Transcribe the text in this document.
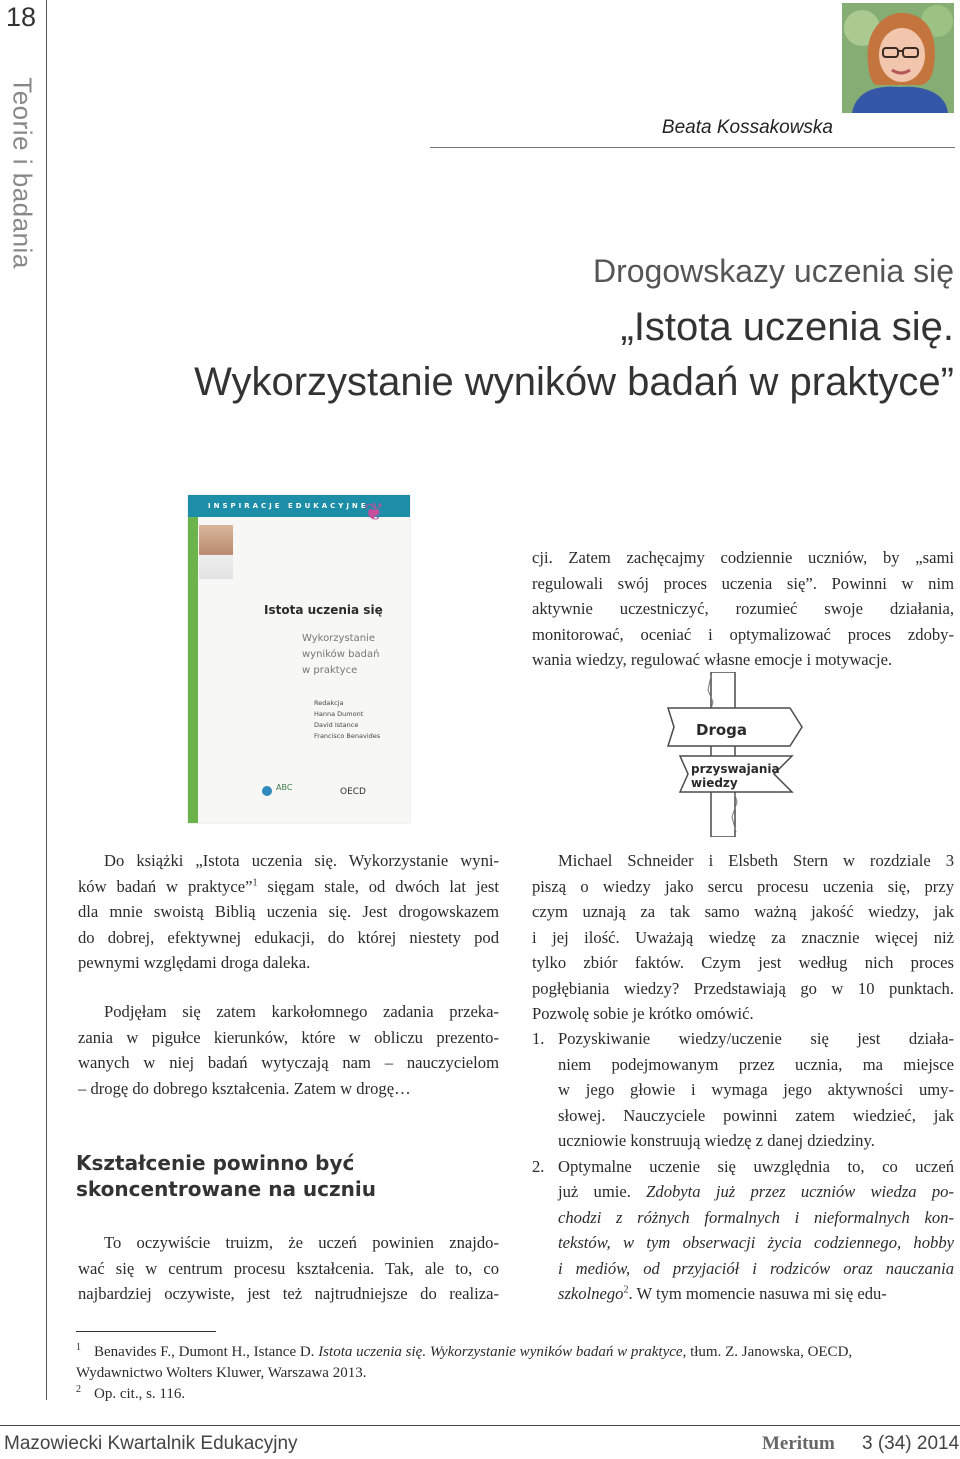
18
Teorie i badania	Beata Kossakowska
Drogowskazy uczenia się
„Istota uczenia się.
Wykorzystanie wyników badań w praktyce”
INSPIRACJE EDUKACYJNE
❦
Istota uczenia się
Wykorzystanie
wyników badań
w praktyce
Redakcja
Hanna Dumont
David Istance
Francisco Benavides
ABC	OECD
cji. Zatem zachęcajmy codziennie uczniów, by „sami
regulowali swój proces uczenia się”. Powinni w nim
aktywnie uczestniczyć, rozumieć swoje działania,
monitorować, oceniać i optymalizować proces zdoby-
wania wiedzy, regulować własne emocje i motywacje.
Droga
przyswajania
wiedzy
Do książki „Istota uczenia się. Wykorzystanie wyni-
ków badań w praktyce”$^1$ sięgam stale, od dwóch lat jest
dla mnie swoistą Biblią uczenia się. Jest drogowskazem
do dobrej, efektywnej edukacji, do której niestety pod
pewnymi względami droga daleka.
Podjęłam się zatem karkołomnego zadania przeka-
zania w pigułce kierunków, które w obliczu prezento-
wanych w niej badań wytyczają nam – nauczycielom
– drogę do dobrego kształcenia. Zatem w drogę…
Kształcenie powinno być
skoncentrowane na uczniu
To oczywiście truizm, że uczeń powinien znajdo-
wać się w centrum procesu kształcenia. Tak, ale to, co
najbardziej oczywiste, jest też najtrudniejsze do realiza-
Michael Schneider i Elsbeth Stern w rozdziale 3
piszą o wiedzy jako sercu procesu uczenia się, przy
czym uznają za tak samo ważną jakość wiedzy, jak
i jej ilość. Uważają wiedzę za znacznie więcej niż
tylko zbiór faktów. Czym jest według nich proces
pogłębiania wiedzy? Przedstawiają go w 10 punktach.
Pozwolę sobie je krótko omówić.
1. Pozyskiwanie wiedzy/uczenie się jest działa-
niem podejmowanym przez ucznia, ma miejsce
w jego głowie i wymaga jego aktywności umy-
słowej. Nauczyciele powinni zatem wiedzieć, jak
uczniowie konstruują wiedzę z danej dziedziny.
2. Optymalne uczenie się uwzględnia to, co uczeń
już umie. Zdobyta już przez uczniów wiedza po-
chodzi z różnych formalnych i nieformalnych kon-
tekstów, w tym obserwacji życia codziennego, hobby
i mediów, od przyjaciół i rodziców oraz nauczania
szkolnego$^2$. W tym momencie nasuwa mi się edu-
1 Benavides F., Dumont H., Istance D. Istota uczenia się. Wykorzystanie wyników badań w praktyce, tłum. Z. Janowska, OECD,
Wydawnictwo Wolters Kluwer, Warszawa 2013.
2 Op. cit., s. 116.
Mazowiecki Kwartalnik Edukacyjny	Meritum 3 (34) 2014
